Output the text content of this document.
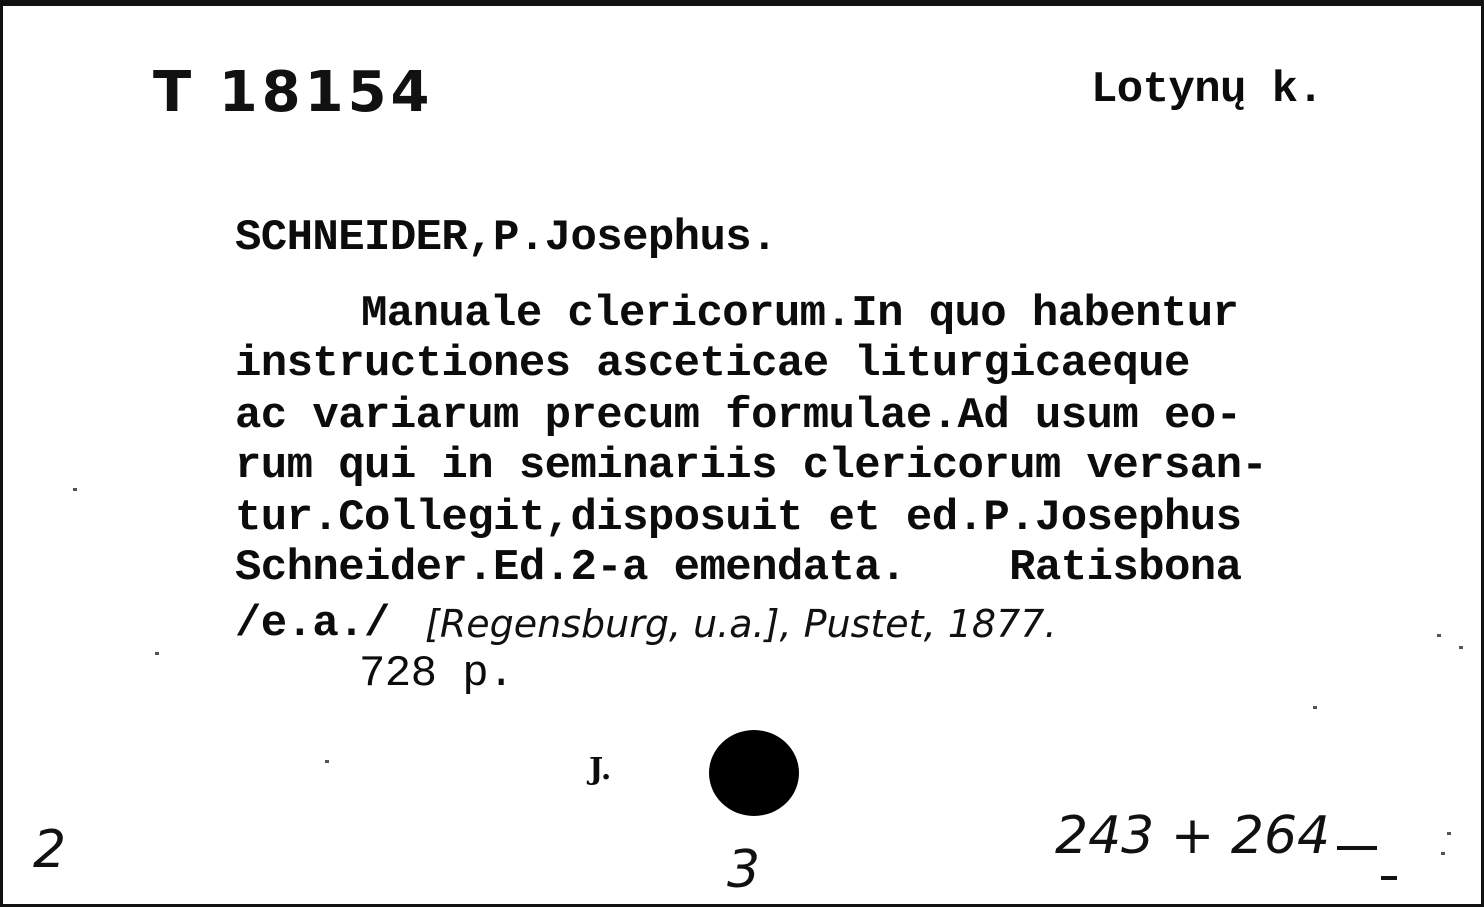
T 18154	Lotynų k.
SCHNEIDER,P.Josephus.
Manuale clericorum.In quo habentur
instructiones asceticae liturgicaeque
ac variarum precum formulae.Ad usum eo-
rum qui in seminariis clericorum versan-
tur.Collegit,disposuit et ed.P.Josephus
Schneider.Ed.2-a emendata.    Ratisbona
/e.a./ [Regensburg, u.a.], Pustet, 1877.
728 p.
J.
2	3
243 + 264
